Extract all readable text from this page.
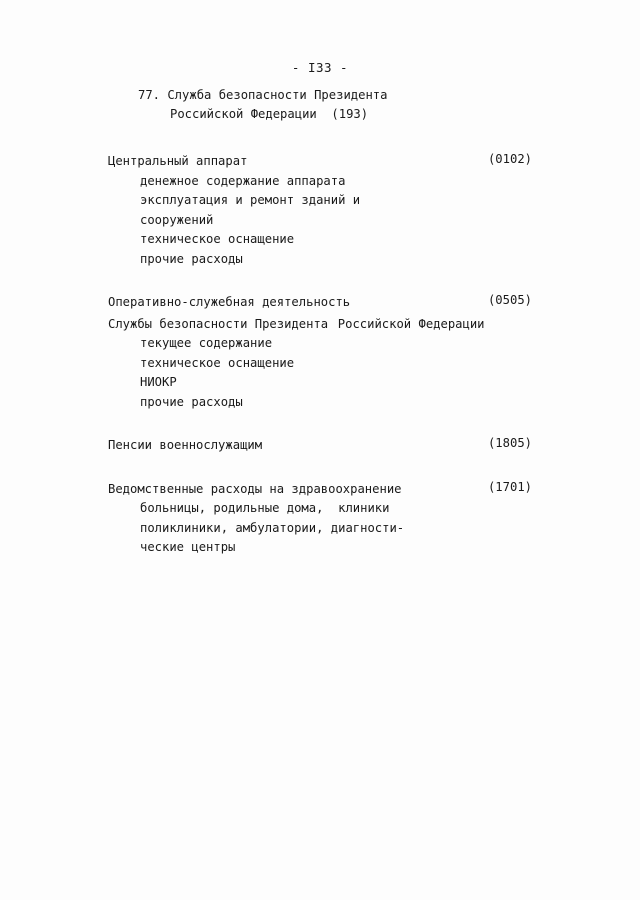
- I33 -
77. Служба безопасности Президента
Российской Федерации  (193)
Центральный аппарат	(0102)
денежное содержание аппарата
эксплуатация и ремонт зданий и
сооружений
техническое оснащение
прочие расходы
Оперативно-служебная деятельность	(0505)
Службы безопасности Президента Российской Федерации
текущее содержание
техническое оснащение
НИОКР
прочие расходы
Пенсии военнослужащим	(1805)
Ведомственные расходы на здравоохранение	(1701)
больницы, родильные дома,  клиники
поликлиники, амбулатории, диагности-
ческие центры
